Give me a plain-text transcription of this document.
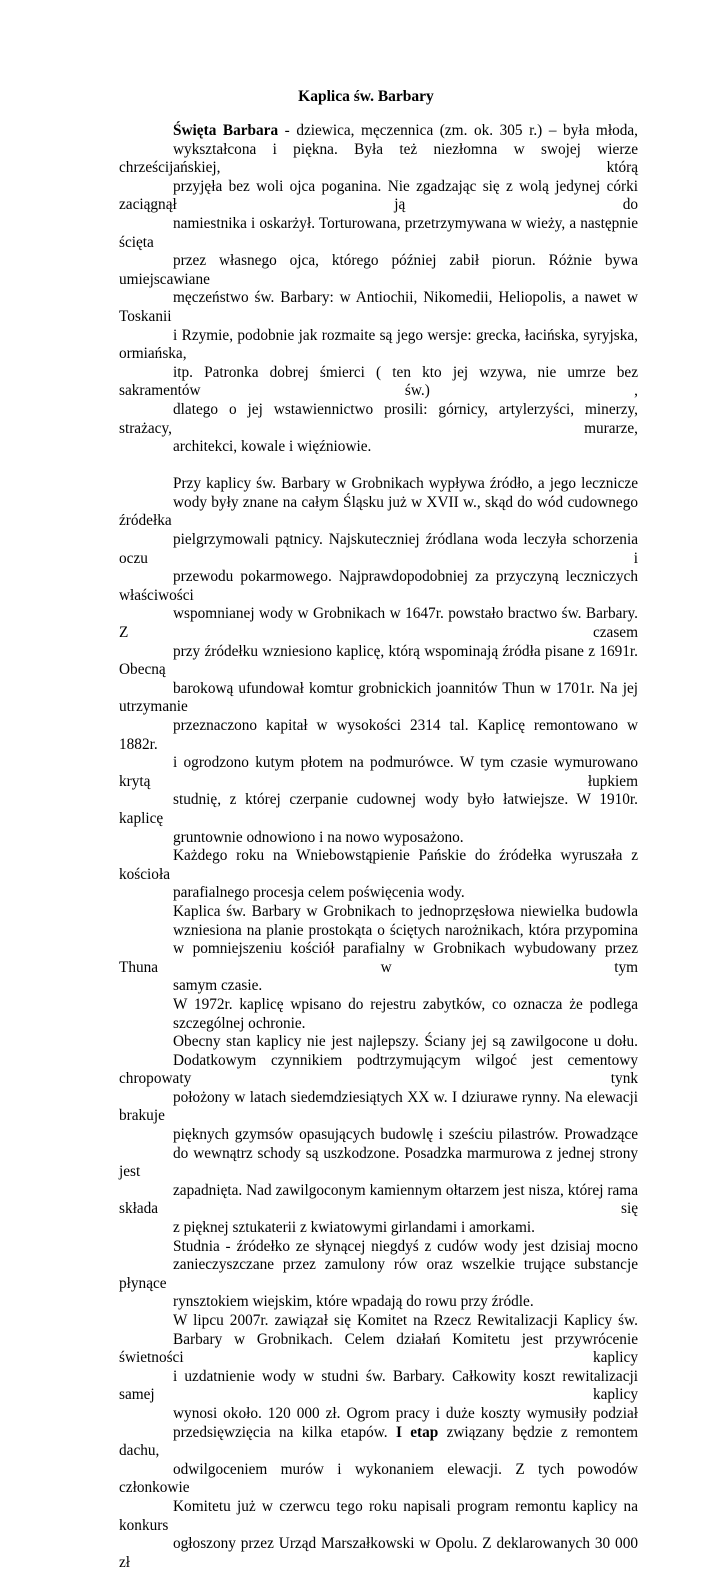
Kaplica św. Barbary
Święta Barbara - dziewica, męczennica (zm. ok. 305 r.) – była młoda,
wykształcona i piękna. Była też niezłomna w swojej wierze chrześcijańskiej, którą
przyjęła bez woli ojca poganina. Nie zgadzając się z wolą jedynej córki zaciągnął ją do
namiestnika i oskarżył. Torturowana, przetrzymywana w wieży, a następnie ścięta
przez własnego ojca, którego później zabił piorun. Różnie bywa umiejscawiane
męczeństwo św. Barbary: w Antiochii, Nikomedii, Heliopolis, a nawet w Toskanii
i Rzymie, podobnie jak rozmaite są jego wersje: grecka, łacińska, syryjska, ormiańska,
itp. Patronka dobrej śmierci ( ten kto jej wzywa, nie umrze bez sakramentów św.) ,
dlatego o jej wstawiennictwo prosili: górnicy, artylerzyści, minerzy, strażacy, murarze,
architekci, kowale i więźniowie.
Przy kaplicy św. Barbary w Grobnikach wypływa źródło, a jego lecznicze
wody były znane na całym Śląsku już w XVII w., skąd do wód cudownego źródełka
pielgrzymowali pątnicy. Najskuteczniej źródlana woda leczyła schorzenia oczu i
przewodu pokarmowego. Najprawdopodobniej za przyczyną leczniczych właściwości
wspomnianej wody w Grobnikach w 1647r. powstało bractwo św. Barbary. Z czasem
przy źródełku wzniesiono kaplicę, którą wspominają źródła pisane z 1691r. Obecną
barokową ufundował komtur grobnickich joannitów Thun w 1701r. Na jej utrzymanie
przeznaczono kapitał w wysokości 2314 tal. Kaplicę remontowano w 1882r.
i ogrodzono kutym płotem na podmurówce. W tym czasie wymurowano krytą łupkiem
studnię, z której czerpanie cudownej wody było łatwiejsze. W 1910r. kaplicę
gruntownie odnowiono i na nowo wyposażono.
Każdego roku na Wniebowstąpienie Pańskie do źródełka wyruszała z kościoła
parafialnego procesja celem poświęcenia wody.
Kaplica św. Barbary w Grobnikach to jednoprzęsłowa niewielka budowla
wzniesiona na planie prostokąta o ściętych narożnikach, która przypomina
w pomniejszeniu kościół parafialny w Grobnikach wybudowany przez Thuna w tym
samym czasie.
W 1972r. kaplicę wpisano do rejestru zabytków, co oznacza że podlega
szczególnej ochronie.
Obecny stan kaplicy nie jest najlepszy. Ściany jej są zawilgocone u dołu.
Dodatkowym czynnikiem podtrzymującym wilgoć jest cementowy chropowaty tynk
położony w latach siedemdziesiątych XX w. I dziurawe rynny. Na elewacji brakuje
pięknych gzymsów opasujących budowlę i sześciu pilastrów. Prowadzące
do wewnątrz schody są uszkodzone. Posadzka marmurowa z jednej strony jest
zapadnięta. Nad zawilgoconym kamiennym ołtarzem jest nisza, której rama składa się
z pięknej sztukaterii z kwiatowymi girlandami i amorkami.
Studnia - źródełko ze słynącej niegdyś z cudów wody jest dzisiaj mocno
zanieczyszczane przez zamulony rów oraz wszelkie trujące substancje płynące
rynsztokiem wiejskim, które wpadają do rowu przy źródle.
W lipcu 2007r. zawiązał się Komitet na Rzecz Rewitalizacji Kaplicy św.
Barbary w Grobnikach. Celem działań Komitetu jest przywrócenie świetności kaplicy
i uzdatnienie wody w studni św. Barbary. Całkowity koszt rewitalizacji samej kaplicy
wynosi około. 120 000 zł. Ogrom pracy i duże koszty wymusiły podział
przedsięwzięcia na kilka etapów. I etap związany będzie z remontem dachu,
odwilgoceniem murów i wykonaniem elewacji. Z tych powodów członkowie
Komitetu już w czerwcu tego roku napisali program remontu kaplicy na konkurs
ogłoszony przez Urząd Marszałkowski w Opolu. Z deklarowanych 30 000 zł
